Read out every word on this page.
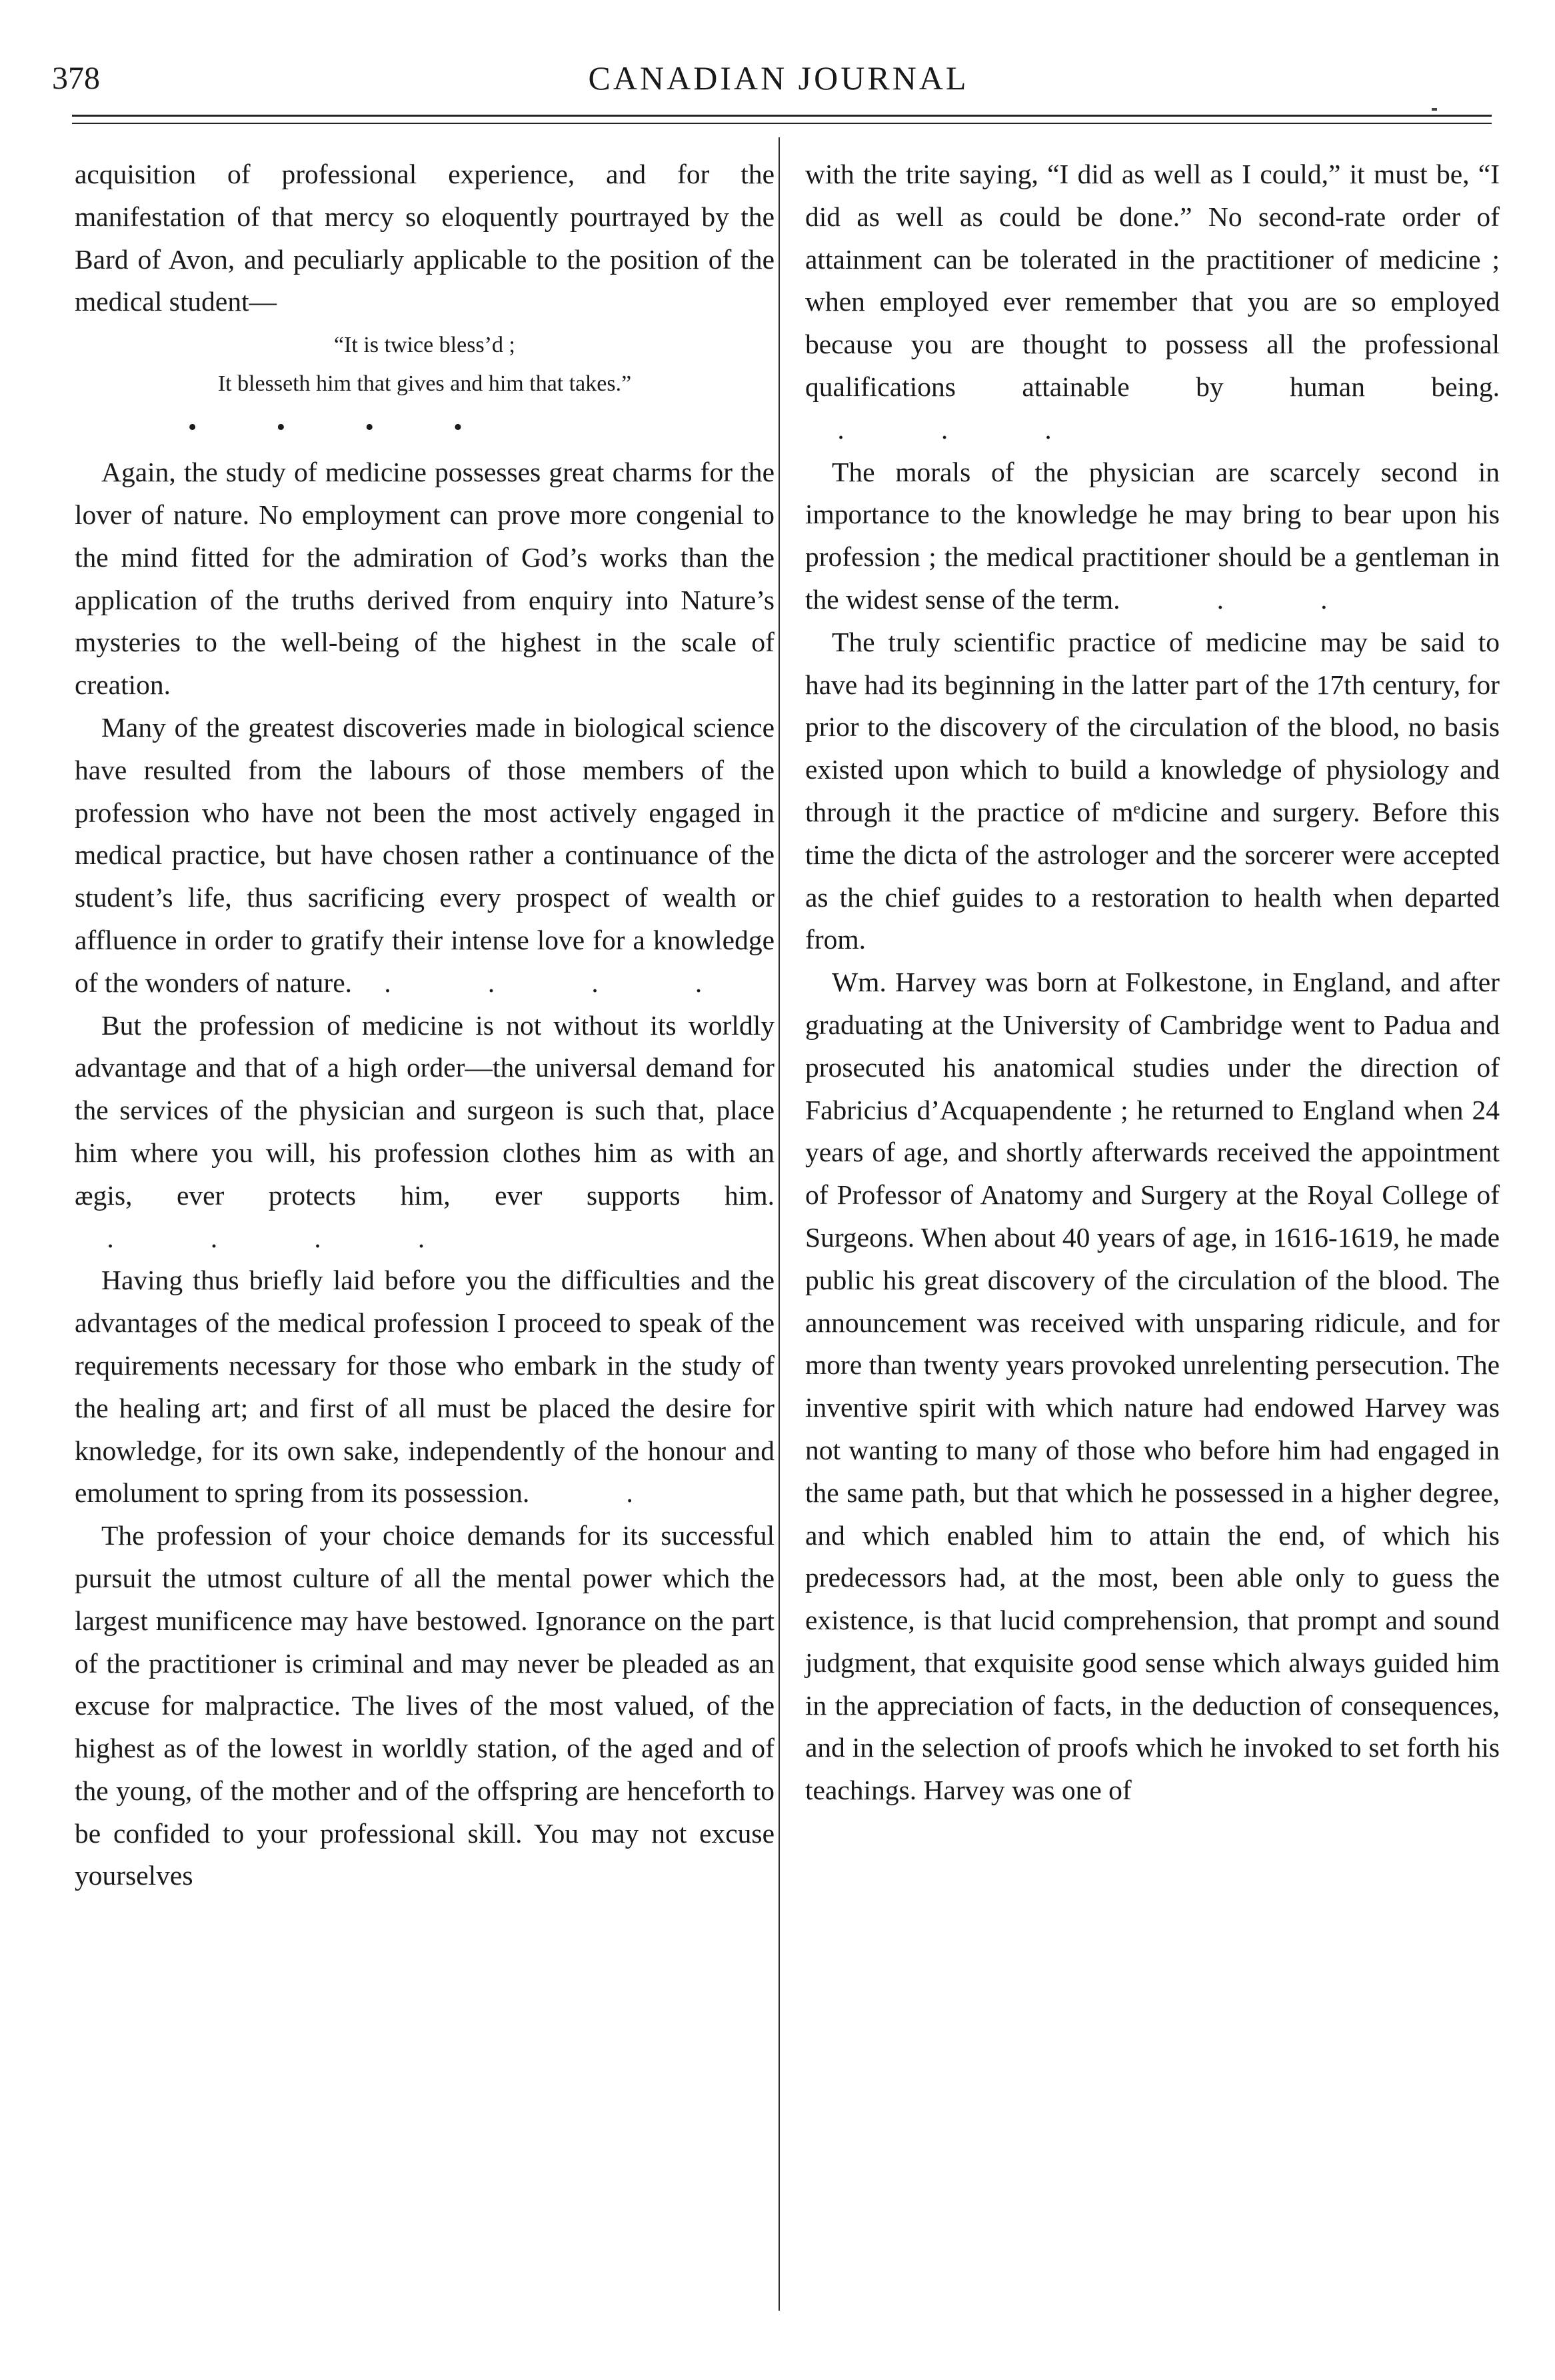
378	CANADIAN JOURNAL

acquisition of professional experience, and for the manifestation of that mercy so eloquently pourtrayed by the Bard of Avon, and peculiarly applicable to the position of the medical student—

“It is twice bless’d ;
It blesseth him that gives and him that takes.”
• • • •

Again, the study of medicine possesses great charms for the lover of nature. No employment can prove more congenial to the mind fitted for the admiration of God’s works than the application of the truths derived from enquiry into Nature’s mysteries to the well-being of the highest in the scale of creation.

Many of the greatest discoveries made in biological science have resulted from the labours of those members of the profession who have not been the most actively engaged in medical practice, but have chosen rather a continuance of the student’s life, thus sacrificing every prospect of wealth or affluence in order to gratify their intense love for a knowledge of the wonders of nature. .   .   .   .

But the profession of medicine is not without its worldly advantage and that of a high order—the universal demand for the services of the physician and surgeon is such that, place him where you will, his profession clothes him as with an ægis, ever protects him, ever supports him. .   .   .   .

Having thus briefly laid before you the difficulties and the advantages of the medical profession I proceed to speak of the requirements necessary for those who embark in the study of the healing art; and first of all must be placed the desire for knowledge, for its own sake, independently of the honour and emolument to spring from its possession.   .

The profession of your choice demands for its successful pursuit the utmost culture of all the mental power which the largest munificence may have bestowed. Ignorance on the part of the practitioner is criminal and may never be pleaded as an excuse for malpractice. The lives of the most valued, of the highest as of the lowest in worldly station, of the aged and of the young, of the mother and of the offspring are henceforth to be confided to your professional skill. You may not excuse yourselves

with the trite saying, “I did as well as I could,” it must be, “I did as well as could be done.” No second-rate order of attainment can be tolerated in the practitioner of medicine ; when employed ever remember that you are so employed because you are thought to possess all the professional qualifications attainable by human being. .   .   .

The morals of the physician are scarcely second in importance to the knowledge he may bring to bear upon his profession ; the medical practitioner should be a gentleman in the widest sense of the term.   .   .

The truly scientific practice of medicine may be said to have had its beginning in the latter part of the 17th century, for prior to the discovery of the circulation of the blood, no basis existed upon which to build a knowledge of physiology and through it the practice of mᵉdicine and surgery. Before this time the dicta of the astrologer and the sorcerer were accepted as the chief guides to a restoration to health when departed from.

Wm. Harvey was born at Folkestone, in England, and after graduating at the University of Cambridge went to Padua and prosecuted his anatomical studies under the direction of Fabricius d’Acquapendente ; he returned to England when 24 years of age, and shortly afterwards received the appointment of Professor of Anatomy and Surgery at the Royal College of Surgeons. When about 40 years of age, in 1616-1619, he made public his great discovery of the circulation of the blood. The announcement was received with unsparing ridicule, and for more than twenty years provoked unrelenting persecution. The inventive spirit with which nature had endowed Harvey was not wanting to many of those who before him had engaged in the same path, but that which he possessed in a higher degree, and which enabled him to attain the end, of which his predecessors had, at the most, been able only to guess the existence, is that lucid comprehension, that prompt and sound judgment, that exquisite good sense which always guided him in the appreciation of facts, in the deduction of consequences, and in the selection of proofs which he invoked to set forth his teachings. Harvey was one of
